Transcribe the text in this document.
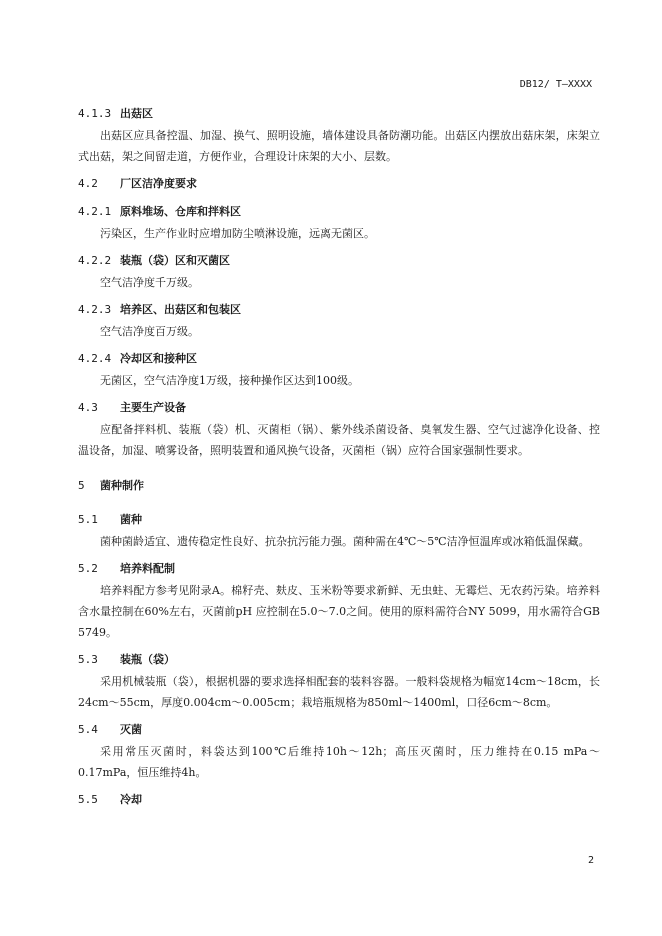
DB12/ T—XXXX

4.1.3 出菇区

出菇区应具备控温、加湿、换气、照明设施，墙体建设具备防潮功能。出菇区内摆放出菇床架，床架立式出菇，架之间留走道，方便作业，合理设计床架的大小、层数。

4.2 厂区洁净度要求

4.2.1 原料堆场、仓库和拌料区

污染区，生产作业时应增加防尘喷淋设施，远离无菌区。

4.2.2 装瓶（袋）区和灭菌区

空气洁净度千万级。

4.2.3 培养区、出菇区和包装区

空气洁净度百万级。

4.2.4 冷却区和接种区

无菌区，空气洁净度1万级，接种操作区达到100级。

4.3 主要生产设备

应配备拌料机、装瓶（袋）机、灭菌柜（锅）、紫外线杀菌设备、臭氧发生器、空气过滤净化设备、控温设备，加湿、喷雾设备，照明装置和通风换气设备，灭菌柜（锅）应符合国家强制性要求。

5 菌种制作

5.1 菌种

菌种菌龄适宜、遗传稳定性良好、抗杂抗污能力强。菌种需在4℃～5℃洁净恒温库或冰箱低温保藏。

5.2 培养料配制

培养料配方参考见附录A。棉籽壳、麸皮、玉米粉等要求新鲜、无虫蛀、无霉烂、无农药污染。培养料含水量控制在60%左右，灭菌前pH 应控制在5.0～7.0之间。使用的原料需符合NY 5099，用水需符合GB 5749。

5.3 装瓶（袋）

采用机械装瓶（袋），根据机器的要求选择相配套的装料容器。一般料袋规格为幅宽14cm～18cm，长24cm～55cm，厚度0.004cm～0.005cm；栽培瓶规格为850ml～1400ml，口径6cm～8cm。

5.4 灭菌

采用常压灭菌时，料袋达到100℃后维持10h～12h；高压灭菌时，压力维持在0.15 mPa～0.17mPa，恒压维持4h。

5.5 冷却

2
